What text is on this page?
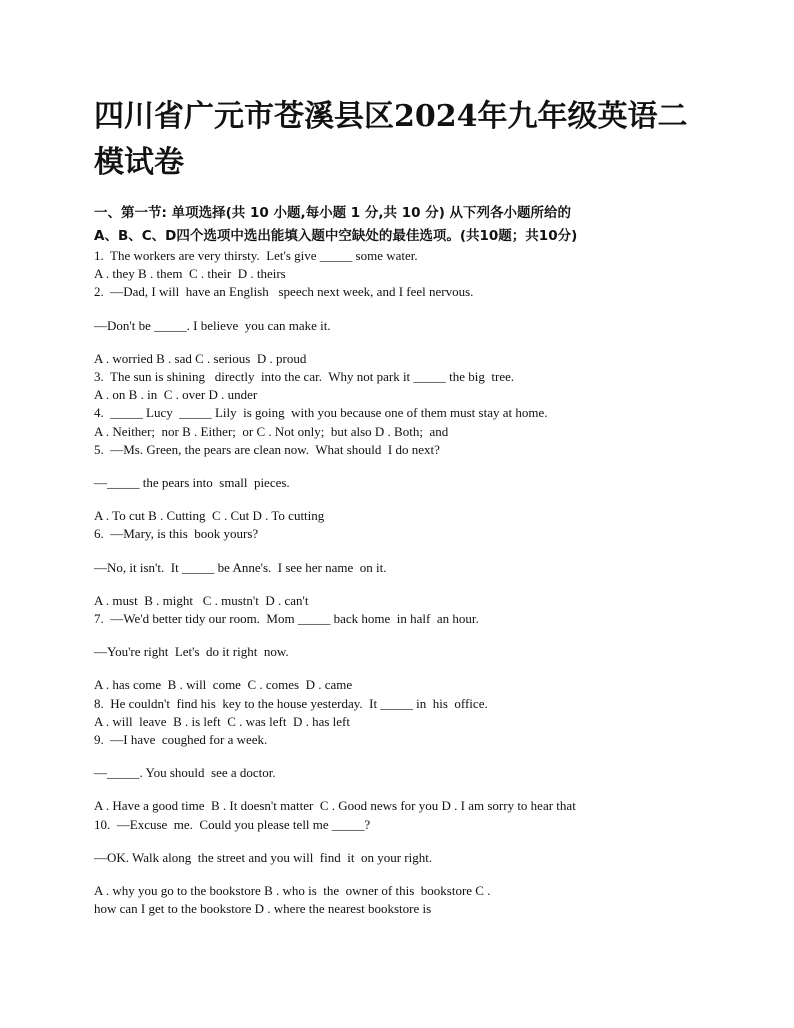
四川省广元市苍溪县区2024年九年级英语二
模试卷
一、第一节: 单项选择(共 10 小题,每小题 1 分,共 10 分) 从下列各小题所给的
A、B、C、D四个选项中选出能填入题中空缺处的最佳选项。(共10题；共10分)
1.  The workers are very thirsty.  Let's give _____ some water.
A . they B . them  C . their  D . theirs
2.  —Dad, I will  have an English   speech next week, and I feel nervous.
—Don't be _____. I believe  you can make it.
A . worried B . sad C . serious  D . proud
3.  The sun is shining   directly  into the car.  Why not park it _____ the big  tree.
A . on B . in  C . over D . under
4.  _____ Lucy  _____ Lily  is going  with you because one of them must stay at home.
A . Neither;  nor B . Either;  or C . Not only;  but also D . Both;  and
5.  —Ms. Green, the pears are clean now.  What should  I do next?
—_____ the pears into  small  pieces.
A . To cut B . Cutting  C . Cut D . To cutting
6.  —Mary, is this  book yours?
—No, it isn't.  It _____ be Anne's.  I see her name  on it.
A . must  B . might   C . mustn't  D . can't
7.  —We'd better tidy our room.  Mom _____ back home  in half  an hour.
—You're right  Let's  do it right  now.
A . has come  B . will  come  C . comes  D . came
8.  He couldn't  find his  key to the house yesterday.  It _____ in  his  office.
A . will  leave  B . is left  C . was left  D . has left
9.  —I have  coughed for a week.
—_____. You should  see a doctor.
A . Have a good time  B . It doesn't matter  C . Good news for you D . I am sorry to hear that
10.  —Excuse  me.  Could you please tell me _____?
—OK. Walk along  the street and you will  find  it  on your right.
A . why you go to the bookstore B . who is  the  owner of this  bookstore C .
how can I get to the bookstore D . where the nearest bookstore is
